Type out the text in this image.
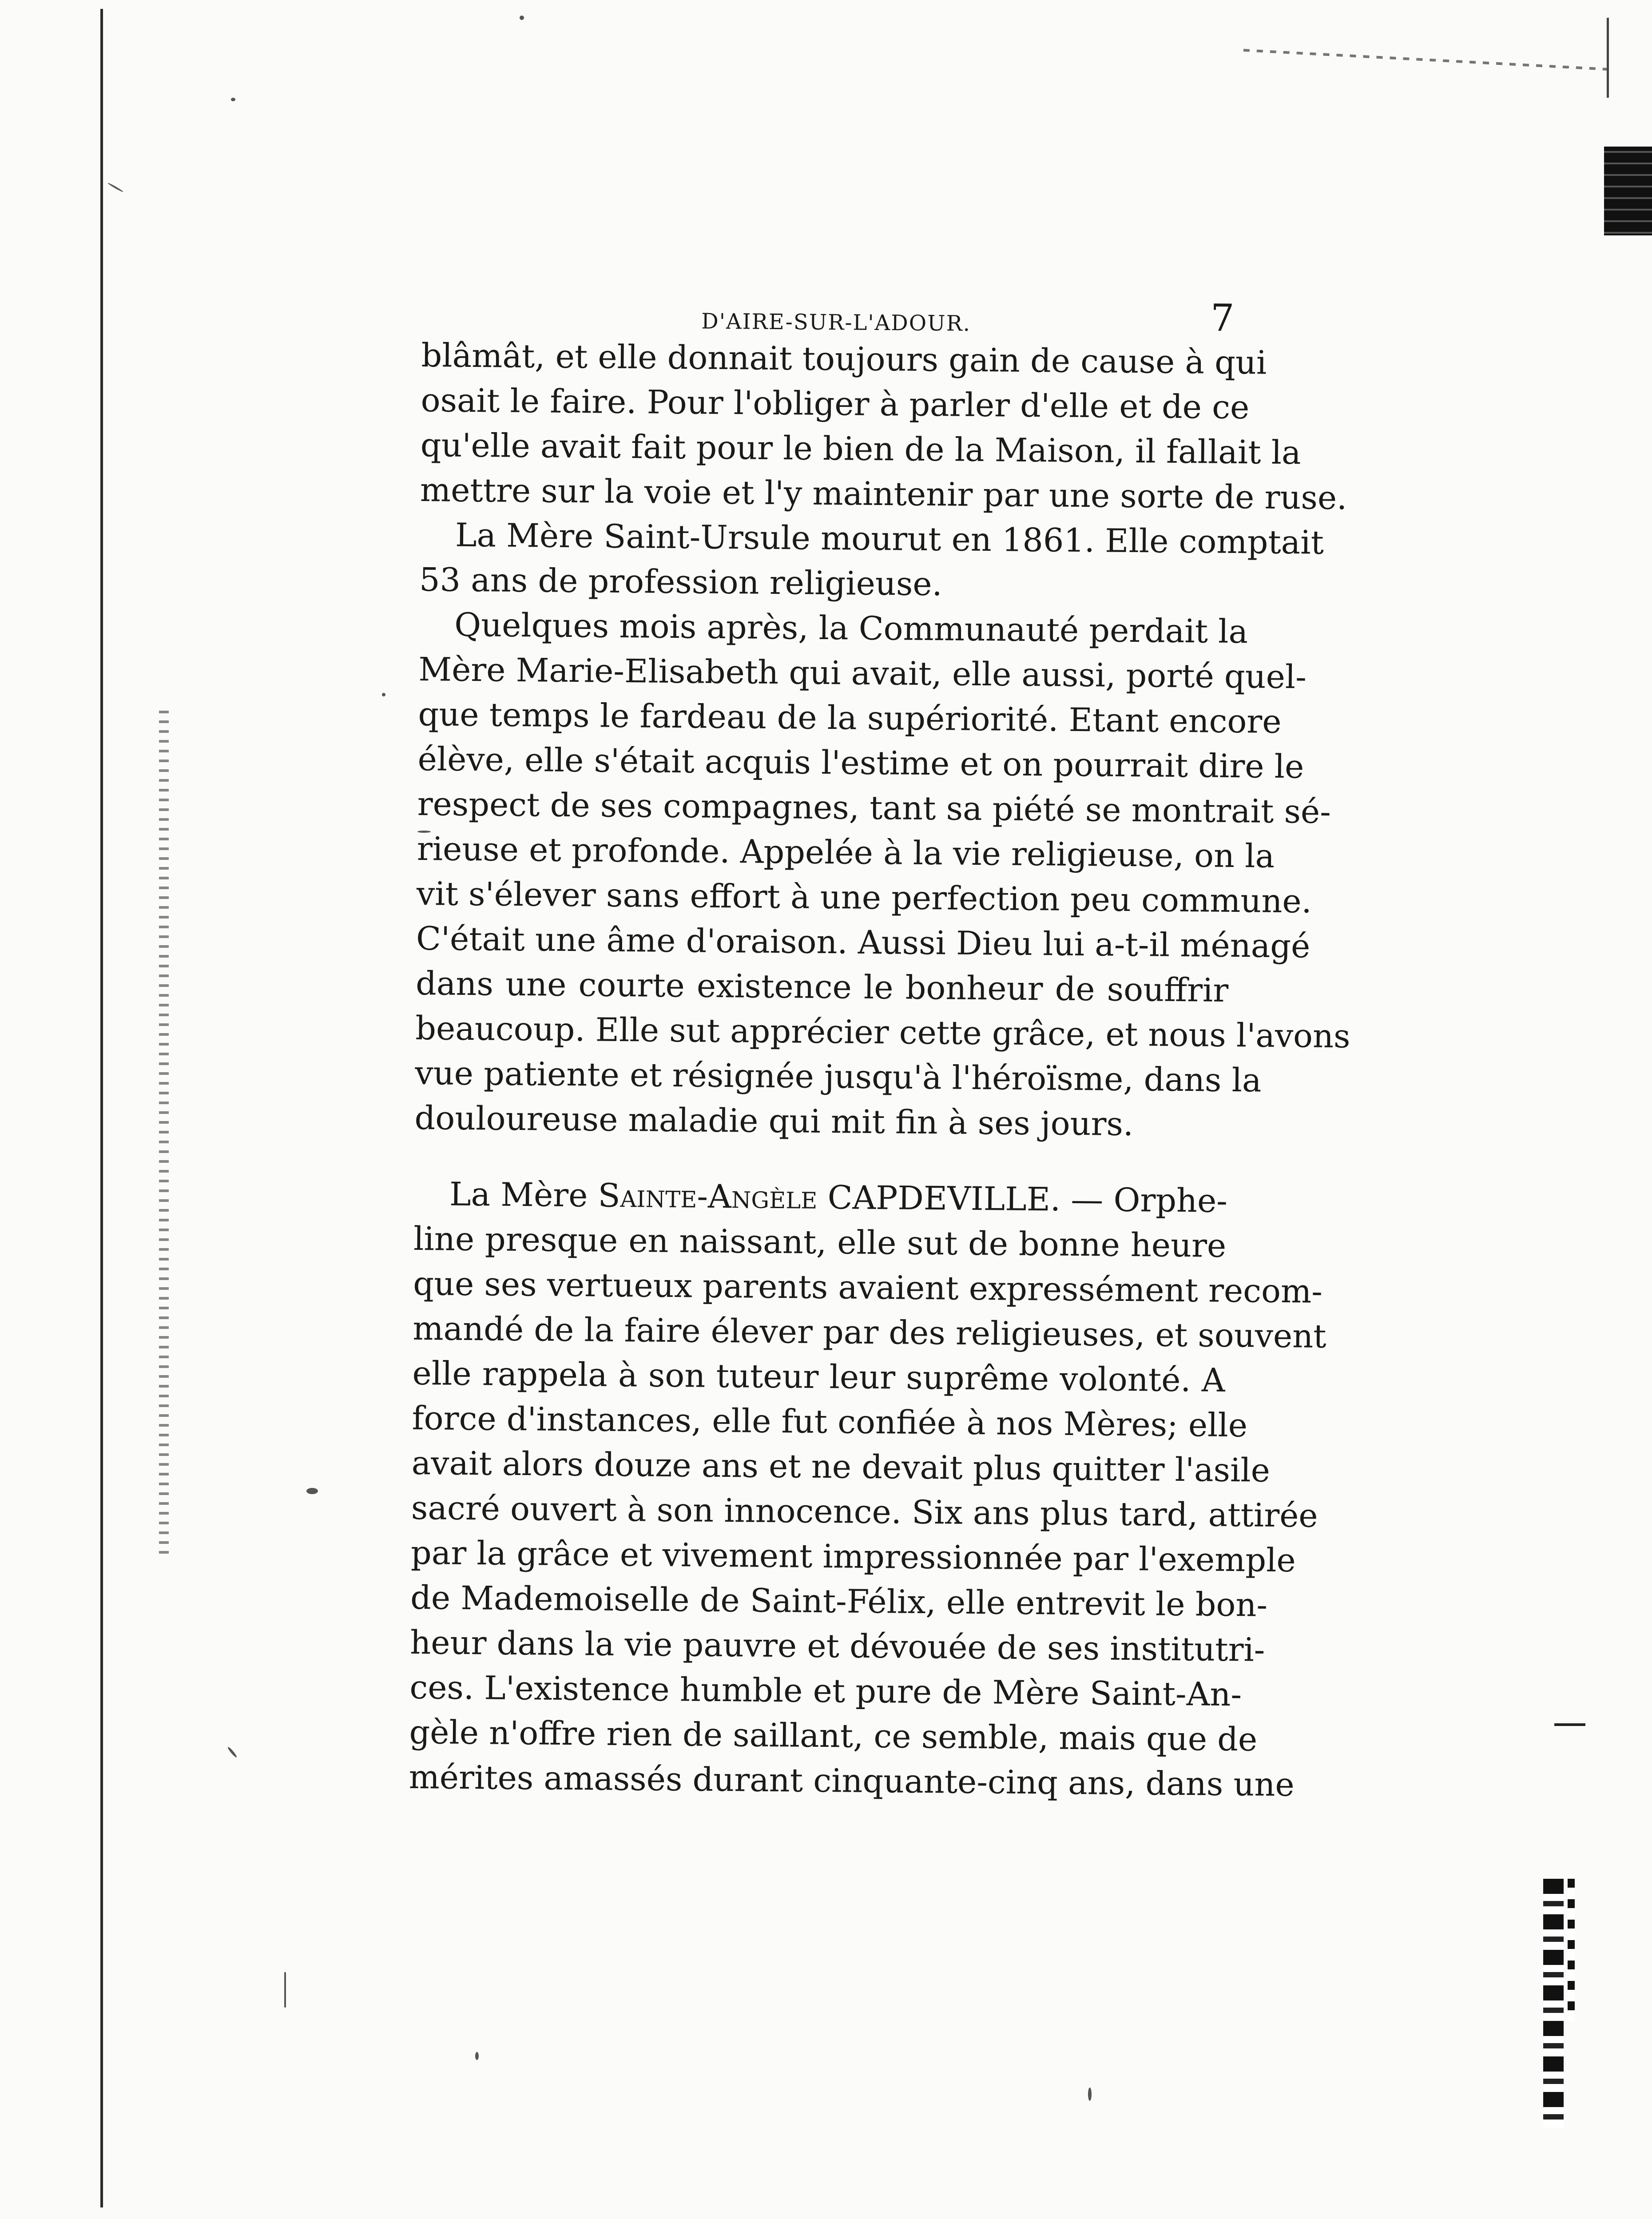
D'AIRE-SUR-L'ADOUR.	7

blâmât, et elle donnait toujours gain de cause à qui
osait le faire. Pour l'obliger à parler d'elle et de ce
qu'elle avait fait pour le bien de la Maison, il fallait la
mettre sur la voie et l'y maintenir par une sorte de ruse.

La Mère Saint-Ursule mourut en 1861. Elle comptait
53 ans de profession religieuse.

Quelques mois après, la Communauté perdait la
Mère Marie-Elisabeth qui avait, elle aussi, porté quel-
que temps le fardeau de la supériorité. Etant encore
élève, elle s'était acquis l'estime et on pourrait dire le
respect de ses compagnes, tant sa piété se montrait sé-
rieuse et profonde. Appelée à la vie religieuse, on la
vit s'élever sans effort à une perfection peu commune.
C'était une âme d'oraison. Aussi Dieu lui a-t-il ménagé
dans une courte existence le bonheur de souffrir
beaucoup. Elle sut apprécier cette grâce, et nous l'avons
vue patiente et résignée jusqu'à l'héroïsme, dans la
douloureuse maladie qui mit fin à ses jours.

La Mère Sainte-Angèle CAPDEVILLE. — Orphe-
line presque en naissant, elle sut de bonne heure
que ses vertueux parents avaient expressément recom-
mandé de la faire élever par des religieuses, et souvent
elle rappela à son tuteur leur suprême volonté. A
force d'instances, elle fut confiée à nos Mères; elle
avait alors douze ans et ne devait plus quitter l'asile
sacré ouvert à son innocence. Six ans plus tard, attirée
par la grâce et vivement impressionnée par l'exemple
de Mademoiselle de Saint-Félix, elle entrevit le bon-
heur dans la vie pauvre et dévouée de ses institutri-
ces. L'existence humble et pure de Mère Saint-An-
gèle n'offre rien de saillant, ce semble, mais que de
mérites amassés durant cinquante-cinq ans, dans une
